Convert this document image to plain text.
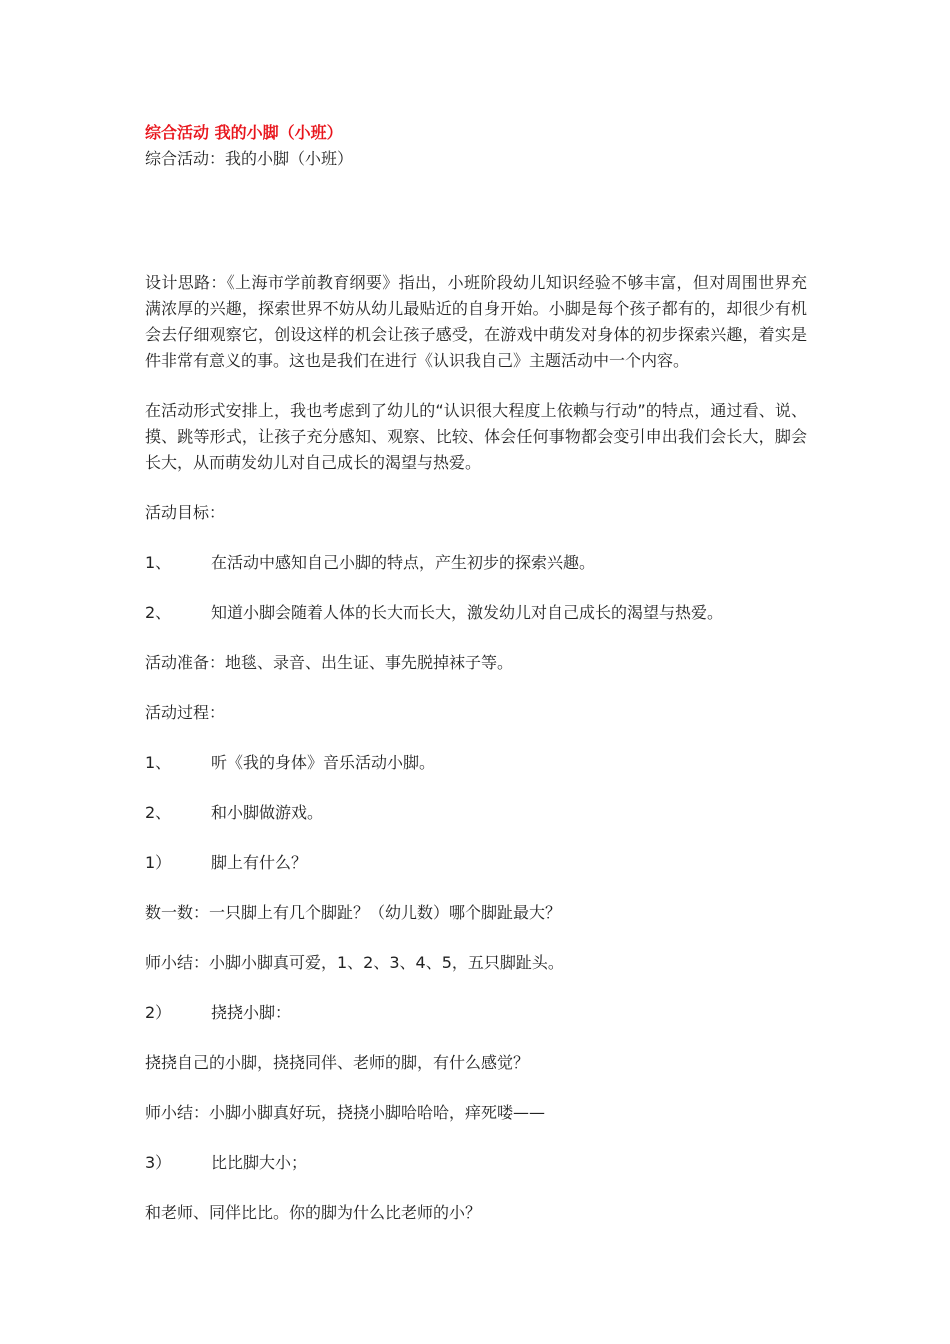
综合活动 我的小脚（小班）

综合活动：我的小脚（小班）

设计思路：《上海市学前教育纲要》指出，小班阶段幼儿知识经验不够丰富，但对周围世界充满浓厚的兴趣，探索世界不妨从幼儿最贴近的自身开始。小脚是每个孩子都有的，却很少有机会去仔细观察它，创设这样的机会让孩子感受，在游戏中萌发对身体的初步探索兴趣，着实是件非常有意义的事。这也是我们在进行《认识我自己》主题活动中一个内容。

在活动形式安排上，我也考虑到了幼儿的“认识很大程度上依赖与行动”的特点，通过看、说、摸、跳等形式，让孩子充分感知、观察、比较、体会任何事物都会变引申出我们会长大，脚会长大，从而萌发幼儿对自己成长的渴望与热爱。

活动目标：

1、 在活动中感知自己小脚的特点，产生初步的探索兴趣。

2、 知道小脚会随着人体的长大而长大，激发幼儿对自己成长的渴望与热爱。

活动准备：地毯、录音、出生证、事先脱掉袜子等。

活动过程：

1、 听《我的身体》音乐活动小脚。

2、 和小脚做游戏。

1） 脚上有什么？

数一数：一只脚上有几个脚趾？（幼儿数）哪个脚趾最大？

师小结：小脚小脚真可爱，1、2、3、4、5，五只脚趾头。

2） 挠挠小脚：

挠挠自己的小脚，挠挠同伴、老师的脚，有什么感觉？

师小结：小脚小脚真好玩，挠挠小脚哈哈哈，痒死喽——

3） 比比脚大小；

和老师、同伴比比。你的脚为什么比老师的小？
